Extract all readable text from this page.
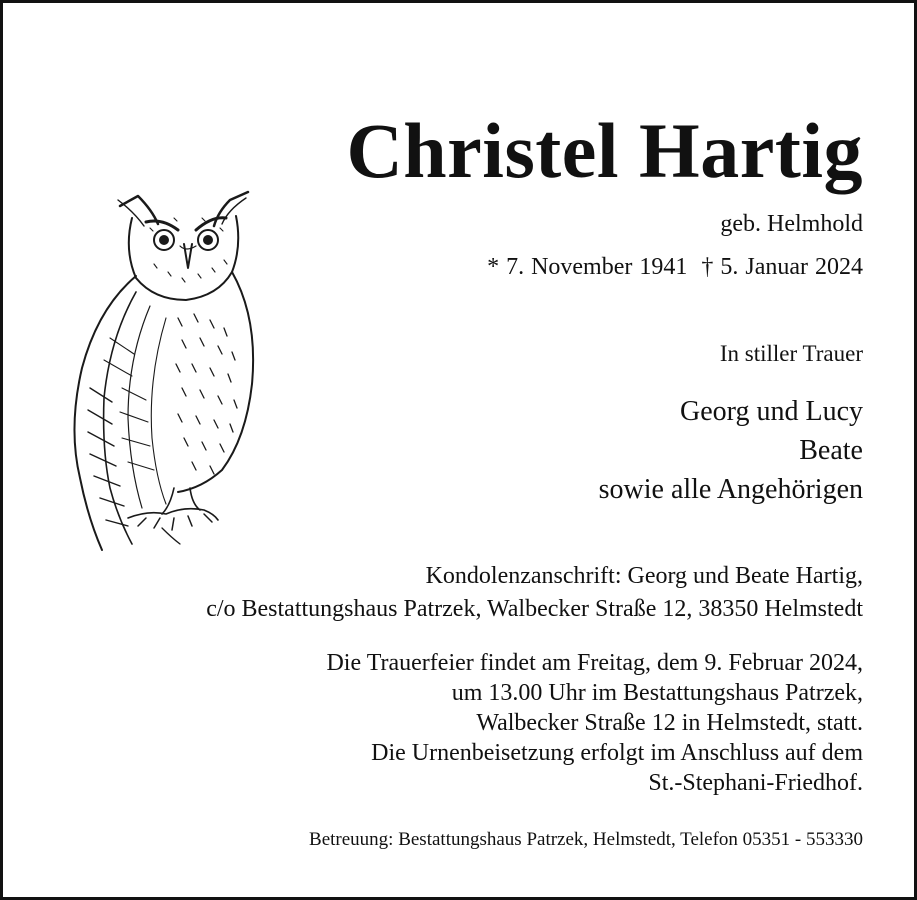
Christel Hartig
geb. Helmhold
* 7. November 1941 † 5. Januar 2024
In stiller Trauer
Georg und Lucy
Beate
sowie alle Angehörigen
Kondolenzanschrift: Georg und Beate Hartig,
c/o Bestattungshaus Patrzek, Walbecker Straße 12, 38350 Helmstedt
Die Trauerfeier findet am Freitag, dem 9. Februar 2024,
um 13.00 Uhr im Bestattungshaus Patrzek,
Walbecker Straße 12 in Helmstedt, statt.
Die Urnenbeisetzung erfolgt im Anschluss auf dem
St.-Stephani-Friedhof.
Betreuung: Bestattungshaus Patrzek, Helmstedt, Telefon 05351 - 553330
